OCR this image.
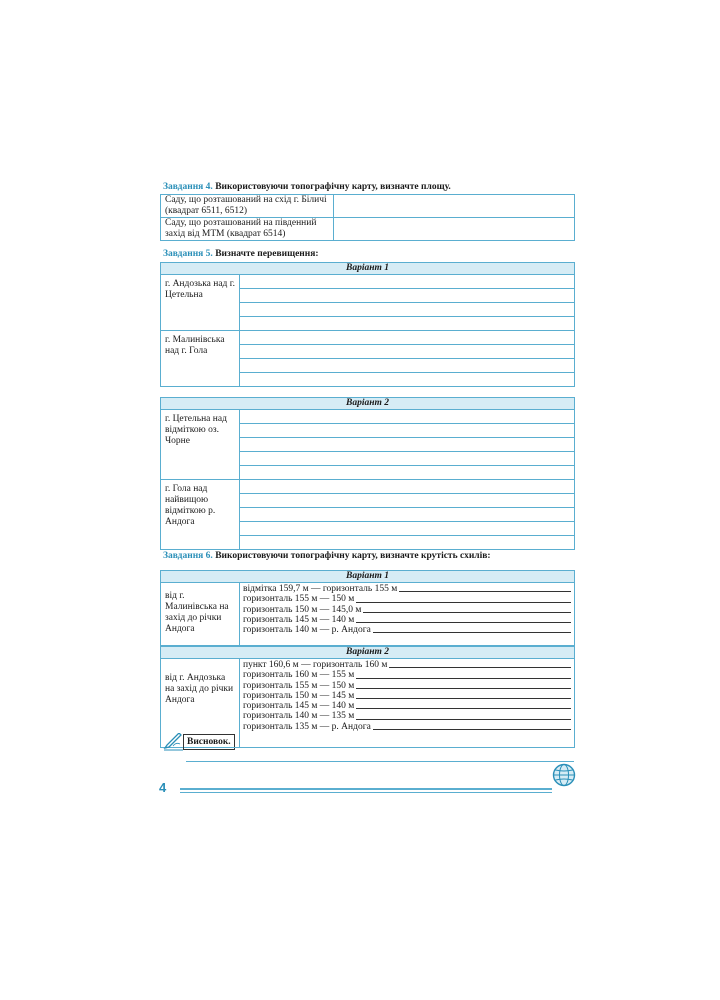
Завдання 4. Використовуючи топографічну карту, визначте площу.
Саду, що розташований на схід г. Біличі (квадрат 6511, 6512)	
Саду, що розташований на південний захід від МТМ (квадрат 6514)	
Завдання 5. Визначте перевищення:
Варіант 1	
г. Андозька над г. Цетельна	

г. Малинівська над г. Гола	

Варіант 2	
г. Цетельна над відміткою оз. Чорне	

г. Гола над найвищою відміткою р. Андога	

Завдання 6. Використовуючи топографічну карту, визначте крутість схилів:
Варіант 1
від г. Малинівська на захід до річки Андога	
відмітка 159,7 м — горизонталь 155 м
горизонталь 155 м — 150 м
горизонталь 150 м — 145,0 м
горизонталь 145 м — 140 м
горизонталь 140 м — р. Андога
Варіант 2
від г. Андозька на захід до річки Андога	
пункт 160,6 м — горизонталь 160 м
горизонталь 160 м — 155 м
горизонталь 155 м — 150 м
горизонталь 150 м — 145 м
горизонталь 145 м — 140 м
горизонталь 140 м — 135 м
горизонталь 135 м — р. Андога
Висновок.
4
